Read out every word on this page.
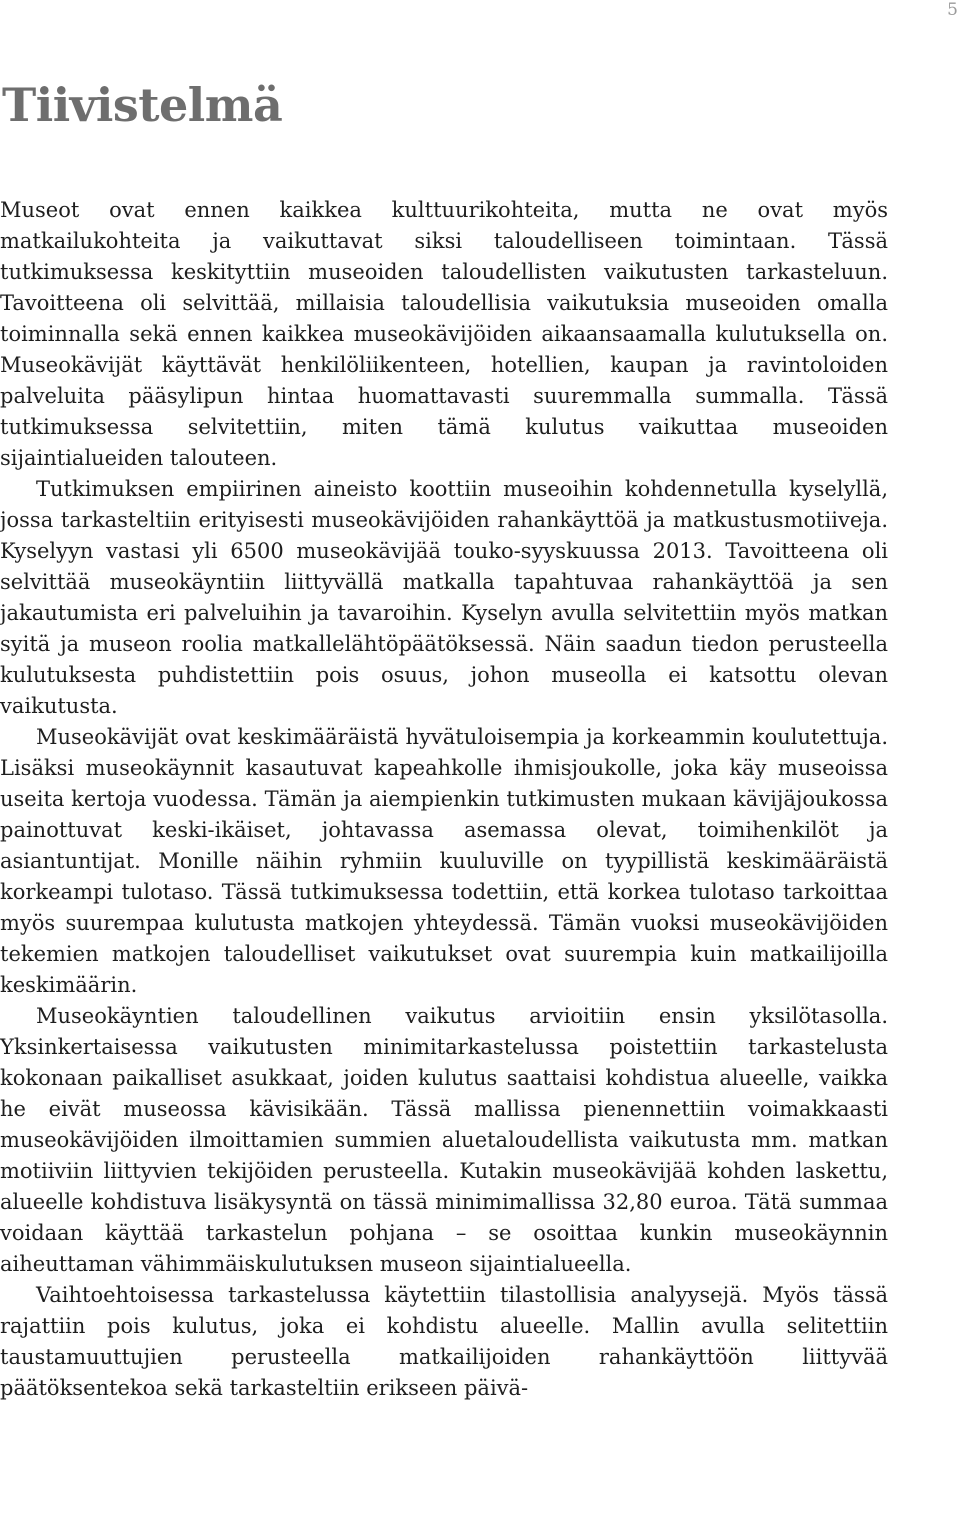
5
Tiivistelmä

Museot ovat ennen kaikkea kulttuurikohteita, mutta ne ovat myös matkailukohteita ja vaikuttavat siksi taloudelliseen toimintaan. Tässä tutkimuksessa keskityttiin museoiden taloudellisten vaikutusten tarkasteluun. Tavoitteena oli selvittää, millaisia taloudellisia vaikutuksia museoiden omalla toiminnalla sekä ennen kaikkea museokävijöiden aikaansaamalla kulutuksella on. Museokävijät käyttävät henkilöliikenteen, hotellien, kaupan ja ravintoloiden palveluita pääsylipun hintaa huomattavasti suuremmalla summalla. Tässä tutkimuksessa selvitettiin, miten tämä kulutus vaikuttaa museoiden sijaintialueiden talouteen.

Tutkimuksen empiirinen aineisto koottiin museoihin kohdennetulla kyselyllä, jossa tarkasteltiin erityisesti museokävijöiden rahankäyttöä ja matkustusmotiiveja. Kyselyyn vastasi yli 6500 museokävijää touko-syyskuussa 2013. Tavoitteena oli selvittää museokäyntiin liittyvällä matkalla tapahtuvaa rahankäyttöä ja sen jakautumista eri palveluihin ja tavaroihin. Kyselyn avulla selvitettiin myös matkan syitä ja museon roolia matkallelähtöpäätöksessä. Näin saadun tiedon perusteella kulutuksesta puhdistettiin pois osuus, johon museolla ei katsottu olevan vaikutusta.

Museokävijät ovat keskimääräistä hyvätuloisempia ja korkeammin koulutettuja. Lisäksi museokäynnit kasautuvat kapeahkolle ihmisjoukolle, joka käy museoissa useita kertoja vuodessa. Tämän ja aiempienkin tutkimusten mukaan kävijäjoukossa painottuvat keski-ikäiset, johtavassa asemassa olevat, toimihenkilöt ja asiantuntijat. Monille näihin ryhmiin kuuluville on tyypillistä keskimääräistä korkeampi tulotaso. Tässä tutkimuksessa todettiin, että korkea tulotaso tarkoittaa myös suurempaa kulutusta matkojen yhteydessä. Tämän vuoksi museokävijöiden tekemien matkojen taloudelliset vaikutukset ovat suurempia kuin matkailijoilla keskimäärin.

Museokäyntien taloudellinen vaikutus arvioitiin ensin yksilötasolla. Yksinkertaisessa vaikutusten minimitarkastelussa poistettiin tarkastelusta kokonaan paikalliset asukkaat, joiden kulutus saattaisi kohdistua alueelle, vaikka he eivät museossa kävisikään. Tässä mallissa pienennettiin voimakkaasti museokävijöiden ilmoittamien summien aluetaloudellista vaikutusta mm. matkan motiiviin liittyvien tekijöiden perusteella. Kutakin museokävijää kohden laskettu, alueelle kohdistuva lisäkysyntä on tässä minimimallissa 32,80 euroa. Tätä summaa voidaan käyttää tarkastelun pohjana – se osoittaa kunkin museokäynnin aiheuttaman vähimmäiskulutuksen museon sijaintialueella.

Vaihtoehtoisessa tarkastelussa käytettiin tilastollisia analyysejä. Myös tässä rajattiin pois kulutus, joka ei kohdistu alueelle. Mallin avulla selitettiin taustamuuttujien perusteella matkailijoiden rahankäyttöön liittyvää päätöksentekoa sekä tarkasteltiin erikseen päivä-
